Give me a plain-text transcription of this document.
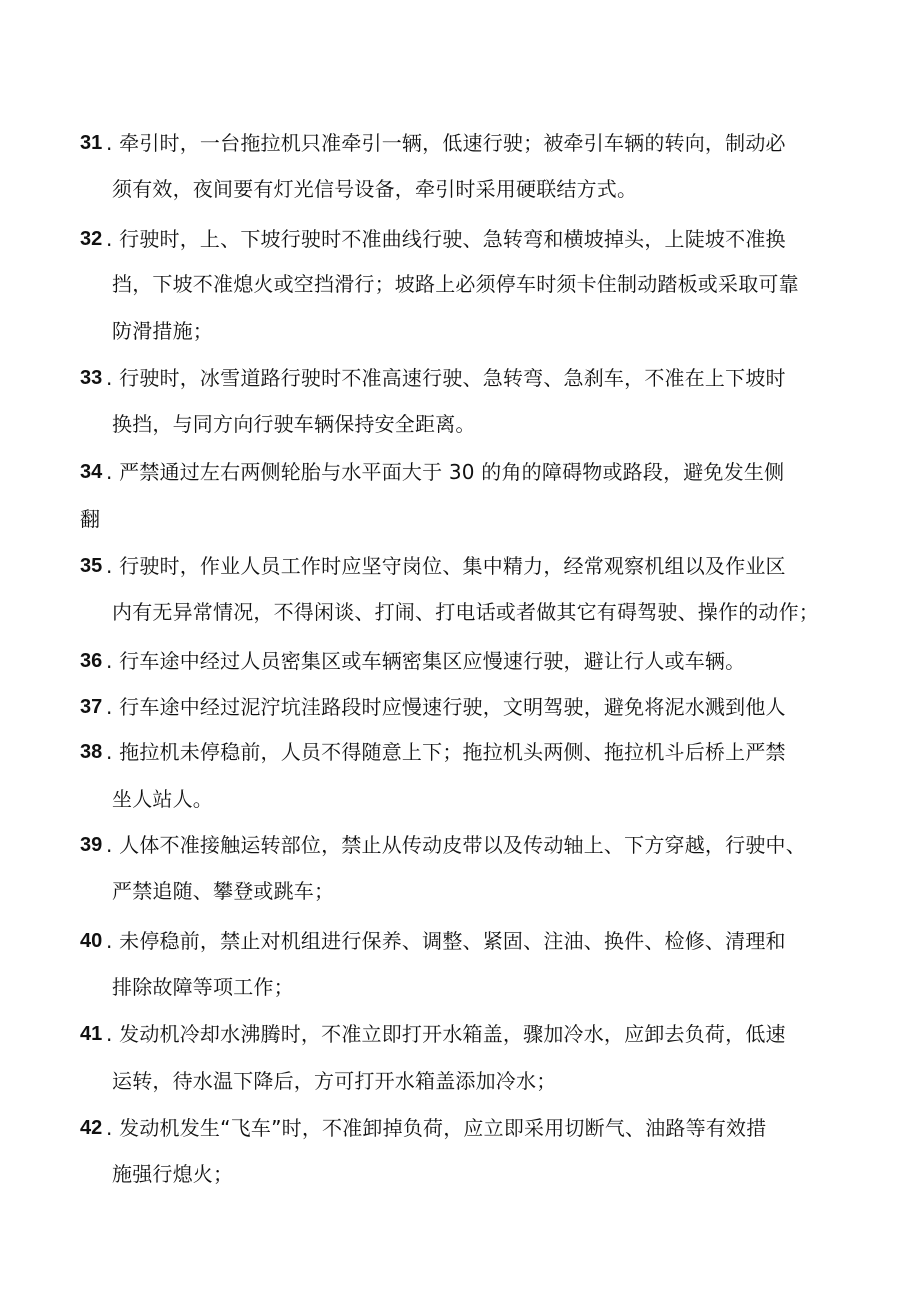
31 . 牵引时，一台拖拉机只准牵引一辆，低速行驶；被牵引车辆的转向，制动必
须有效，夜间要有灯光信号设备，牵引时采用硬联结方式。
32 . 行驶时，上、下坡行驶时不准曲线行驶、急转弯和横坡掉头，上陡坡不准换
挡，下坡不准熄火或空挡滑行；坡路上必须停车时须卡住制动踏板或采取可靠
防滑措施；
33 . 行驶时，冰雪道路行驶时不准高速行驶、急转弯、急刹车，不准在上下坡时
换挡，与同方向行驶车辆保持安全距离。
34 . 严禁通过左右两侧轮胎与水平面大于 30 的角的障碍物或路段，避免发生侧
翻
35 . 行驶时，作业人员工作时应坚守岗位、集中精力，经常观察机组以及作业区
内有无异常情况，不得闲谈、打闹、打电话或者做其它有碍驾驶、操作的动作；
36 . 行车途中经过人员密集区或车辆密集区应慢速行驶，避让行人或车辆。
37 . 行车途中经过泥泞坑洼路段时应慢速行驶，文明驾驶，避免将泥水溅到他人
38 . 拖拉机未停稳前，人员不得随意上下；拖拉机头两侧、拖拉机斗后桥上严禁
坐人站人。
39 . 人体不准接触运转部位，禁止从传动皮带以及传动轴上、下方穿越，行驶中、
严禁追随、攀登或跳车；
40 . 未停稳前，禁止对机组进行保养、调整、紧固、注油、换件、检修、清理和
排除故障等项工作；
41 . 发动机冷却水沸腾时，不准立即打开水箱盖，骤加冷水，应卸去负荷，低速
运转，待水温下降后，方可打开水箱盖添加冷水；
42 . 发动机发生“飞车”时，不准卸掉负荷，应立即采用切断气、油路等有效措
施强行熄火；
